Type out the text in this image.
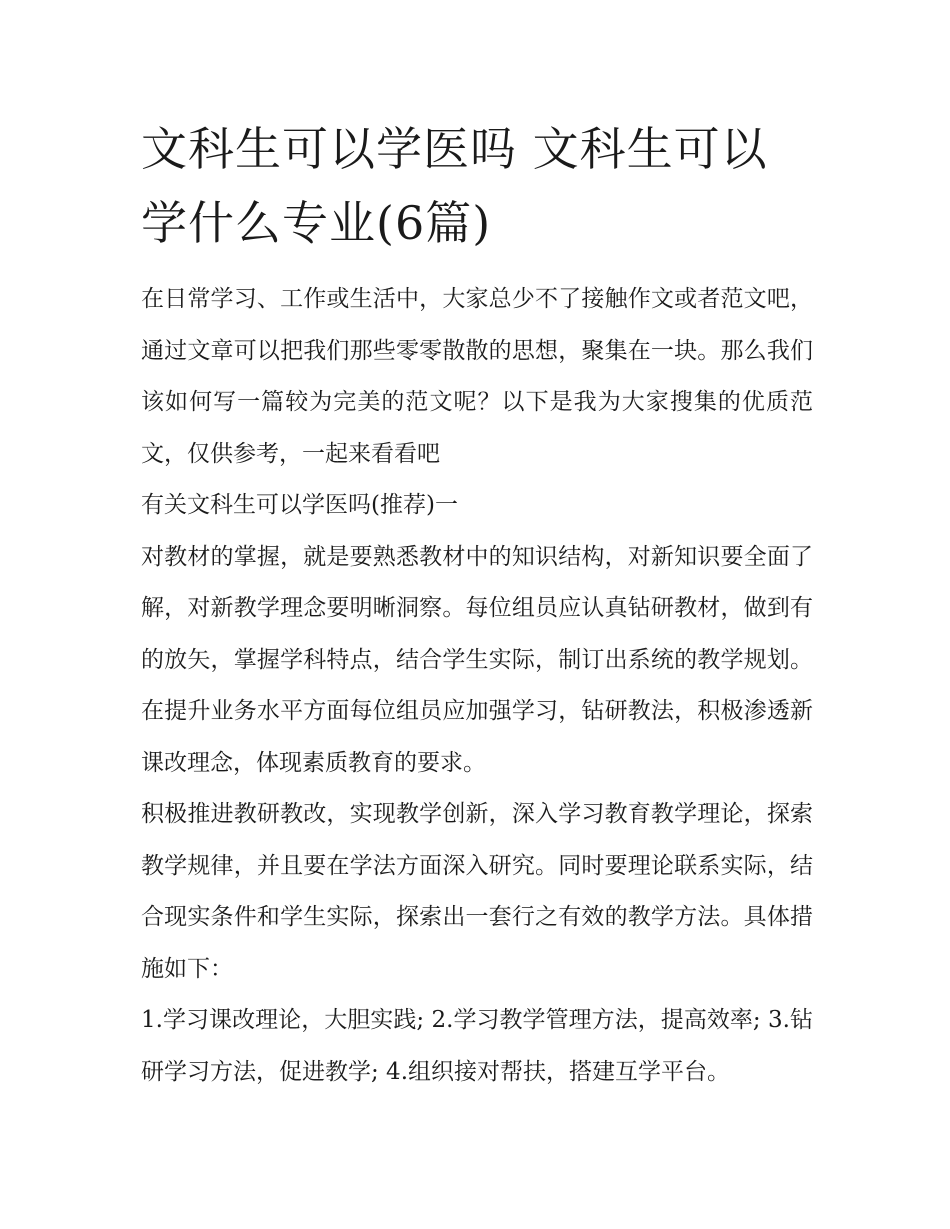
文科生可以学医吗 文科生可以学什么专业(6篇)

在日常学习、工作或生活中，大家总少不了接触作文或者范文吧，通过文章可以把我们那些零零散散的思想，聚集在一块。那么我们该如何写一篇较为完美的范文呢？以下是我为大家搜集的优质范文，仅供参考，一起来看看吧

有关文科生可以学医吗(推荐)一

对教材的掌握，就是要熟悉教材中的知识结构，对新知识要全面了解，对新教学理念要明晰洞察。每位组员应认真钻研教材，做到有的放矢，掌握学科特点，结合学生实际，制订出系统的教学规划。在提升业务水平方面每位组员应加强学习，钻研教法，积极渗透新课改理念，体现素质教育的要求。

积极推进教研教改，实现教学创新，深入学习教育教学理论，探索教学规律，并且要在学法方面深入研究。同时要理论联系实际，结合现实条件和学生实际，探索出一套行之有效的教学方法。具体措施如下：

1.学习课改理论，大胆实践; 2.学习教学管理方法，提高效率; 3.钻研学习方法，促进教学; 4.组织接对帮扶，搭建互学平台。
